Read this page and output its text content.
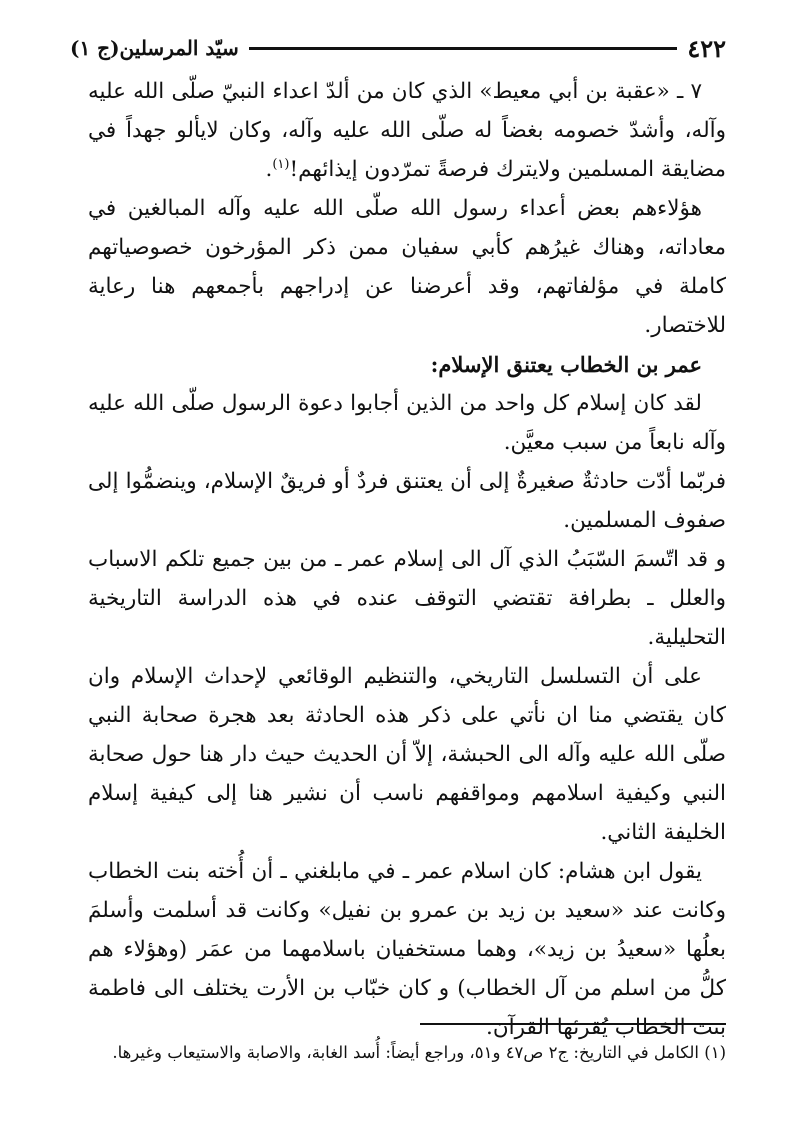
٤٢٢
سيّد المرسلين(ج ١)

٧ ـ «عقبة بن أبي معيط» الذي كان من ألدّ اعداء النبيّ صلّى الله عليه وآله، وأشدّ خصومه بغضاً له صلّى الله عليه وآله، وكان لايألو جهداً في مضايقة المسلمين ولايترك فرصةً تمرّدون إيذائهم!$^{(١)}$.

هؤلاءهم بعض أعداء رسول الله صلّى الله عليه وآله المبالغين في معاداته، وهناك غيرُهم كأبي سفيان ممن ذكر المؤرخون خصوصياتهم كاملة في مؤلفاتهم، وقد أعرضنا عن إدراجهم بأجمعهم هنا رعاية للاختصار.

عمر بن الخطاب يعتنق الإسلام:

لقد كان إسلام كل واحد من الذين أجابوا دعوة الرسول صلّى الله عليه وآله نابعاً من سبب معيَّن.

فربّما أدّت حادثةٌ صغيرةٌ إلى أن يعتنق فردٌ أو فريقٌ الإسلام، وينضمُّوا إلى صفوف المسلمين.

و قد اتّسمَ السّبَبُ الذي آل الى إسلام عمر ـ من بين جميع تلكم الاسباب والعلل ـ بطرافة تقتضي التوقف عنده في هذه الدراسة التاريخية التحليلية.

على أن التسلسل التاريخي، والتنظيم الوقائعي لإحداث الإسلام وان كان يقتضي منا ان نأتي على ذكر هذه الحادثة بعد هجرة صحابة النبي صلّى الله عليه وآله الى الحبشة، إلاّ أن الحديث حيث دار هنا حول صحابة النبي وكيفية اسلامهم ومواقفهم ناسب أن نشير هنا إلى كيفية إسلام الخليفة الثاني.

يقول ابن هشام: كان اسلام عمر ـ في مابلغني ـ أن أُخته بنت الخطاب وكانت عند «سعيد بن زيد بن عمرو بن نفيل» وكانت قد أسلمت وأسلمَ بعلُها «سعيدُ بن زيد»، وهما مستخفيان باسلامهما من عمَر (وهؤلاء هم كلُّ من اسلم من آل الخطاب) و كان خبّاب بن الأرت يختلف الى فاطمة بنت الخطاب يُقرئها القرآن.

(١) الكامل في التاريخ: ج٢ ص٤٧ و٥١، وراجع أيضاً: أُسد الغابة، والاصابة والاستيعاب وغيرها.
